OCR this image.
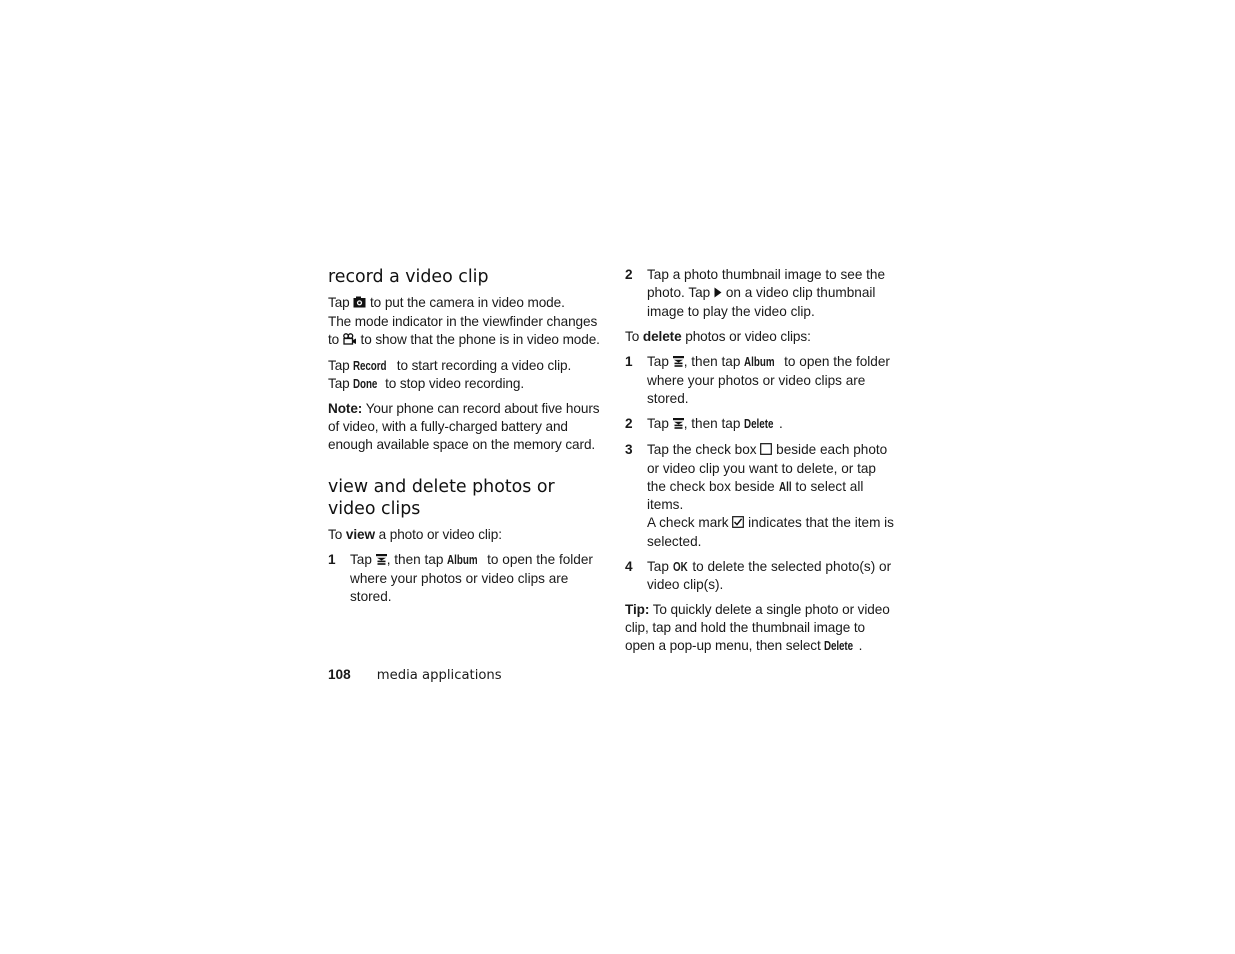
record a video clip

Tap to put the camera in video mode.
The mode indicator in the viewfinder changes to to show that the phone is in video mode.

Tap Record to start recording a video clip.
Tap Done to stop video recording.

Note: Your phone can record about five hours of video, with a fully-charged battery and enough available space on the memory card.

view and delete photos or video clips

To view a photo or video clip:

1	Tap , then tap Album to open the folder where your photos or video clips are stored.
2	Tap a photo thumbnail image to see the photo. Tap on a video clip thumbnail image to play the video clip.

To delete photos or video clips:

1	Tap , then tap Album to open the folder where your photos or video clips are stored.
2	Tap , then tap Delete .
3	Tap the check box beside each photo or video clip you want to delete, or tap the check box beside All to select all items.
A check mark indicates that the item is selected.
4	Tap OK to delete the selected photo(s) or video clip(s).

Tip: To quickly delete a single photo or video clip, tap and hold the thumbnail image to open a pop-up menu, then select Delete .

108 media applications
